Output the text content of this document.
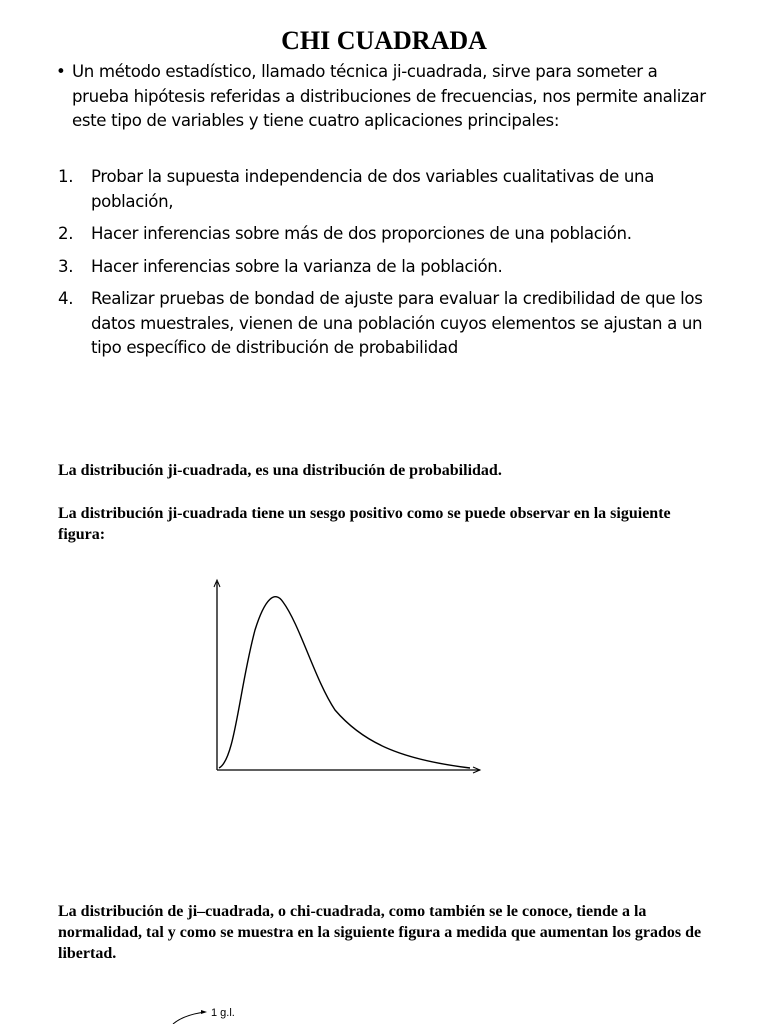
CHI CUADRADA
• Un método estadístico, llamado técnica ji-cuadrada, sirve para someter a prueba hipótesis referidas a distribuciones de frecuencias, nos permite analizar este tipo de variables y tiene cuatro aplicaciones principales:
1. Probar la supuesta independencia de dos variables cualitativas de una población,
2. Hacer inferencias sobre más de dos proporciones de una población.
3. Hacer inferencias sobre la varianza de la población.
4. Realizar pruebas de bondad de ajuste para evaluar la credibilidad de que los datos muestrales, vienen de una población cuyos elementos se ajustan a un tipo específico de distribución de probabilidad
La distribución ji-cuadrada, es una distribución de probabilidad.
La distribución ji-cuadrada tiene un sesgo positivo como se puede observar en la siguiente figura:
La distribución de ji–cuadrada, o chi-cuadrada, como también se le conoce, tiende a la normalidad, tal y como se muestra en la siguiente figura a medida que aumentan los grados de libertad.
1 g.l.
